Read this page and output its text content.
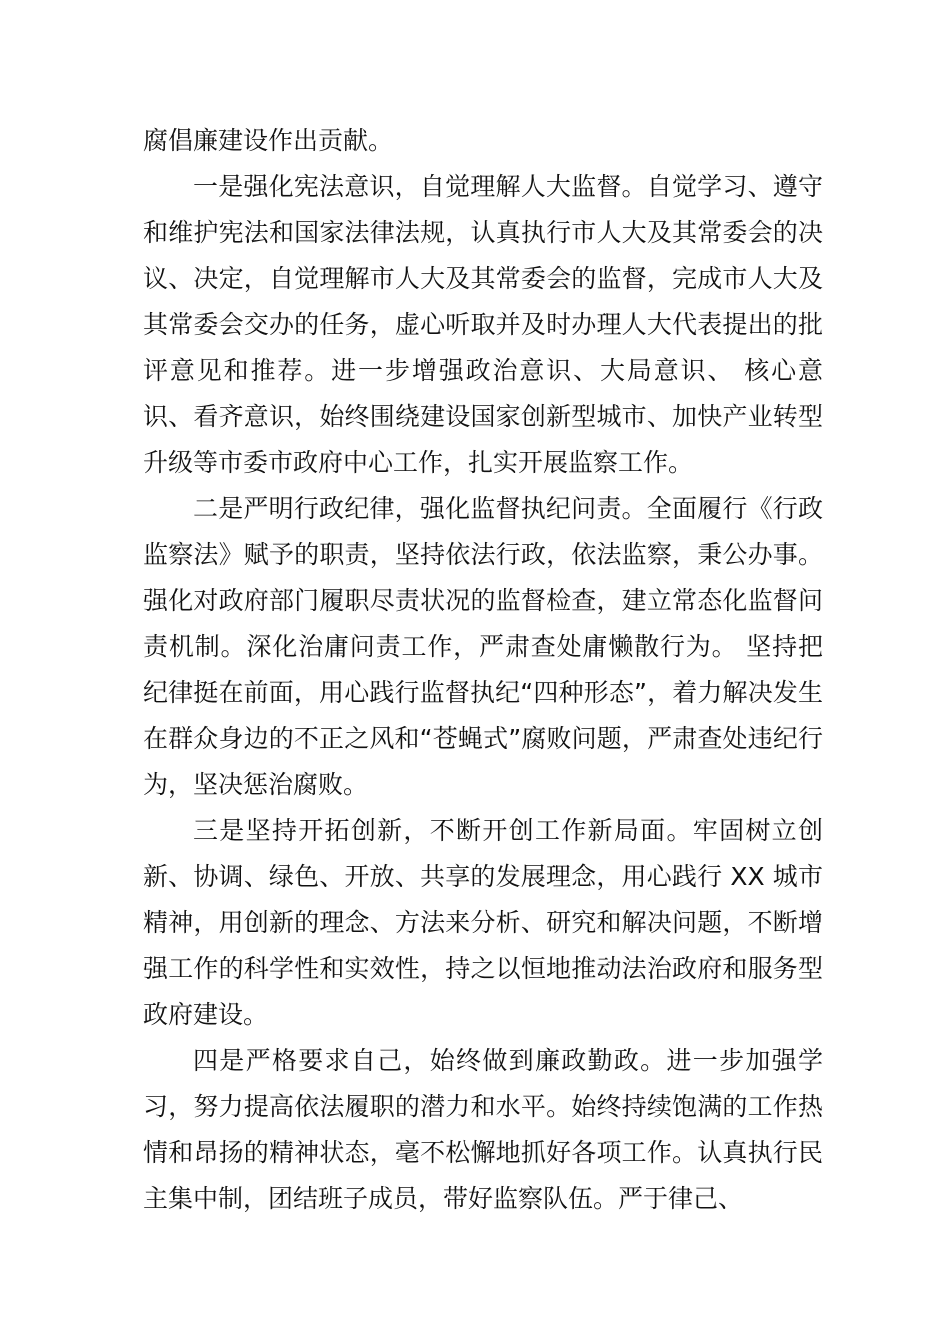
腐倡廉建设作出贡献。

一是强化宪法意识，自觉理解人大监督。自觉学习、遵守和维护宪法和国家法律法规，认真执行市人大及其常委会的决议、决定，自觉理解市人大及其常委会的监督，完成市人大及其常委会交办的任务，虚心听取并及时办理人大代表提出的批评意见和推荐。进一步增强政治意识、大局意识、 核心意识、看齐意识，始终围绕建设国家创新型城市、加快产业转型升级等市委市政府中心工作，扎实开展监察工作。

二是严明行政纪律，强化监督执纪问责。全面履行《行政监察法》赋予的职责，坚持依法行政，依法监察，秉公办事。强化对政府部门履职尽责状况的监督检查，建立常态化监督问责机制。深化治庸问责工作，严肃查处庸懒散行为。 坚持把纪律挺在前面，用心践行监督执纪“四种形态”，着力解决发生在群众身边的不正之风和“苍蝇式”腐败问题，严肃查处违纪行为，坚决惩治腐败。

三是坚持开拓创新，不断开创工作新局面。牢固树立创新、协调、绿色、开放、共享的发展理念，用心践行 XX 城市精神，用创新的理念、方法来分析、研究和解决问题，不断增强工作的科学性和实效性，持之以恒地推动法治政府和服务型政府建设。

四是严格要求自己，始终做到廉政勤政。进一步加强学习，努力提高依法履职的潜力和水平。始终持续饱满的工作热情和昂扬的精神状态，毫不松懈地抓好各项工作。认真执行民主集中制，团结班子成员，带好监察队伍。严于律己、
